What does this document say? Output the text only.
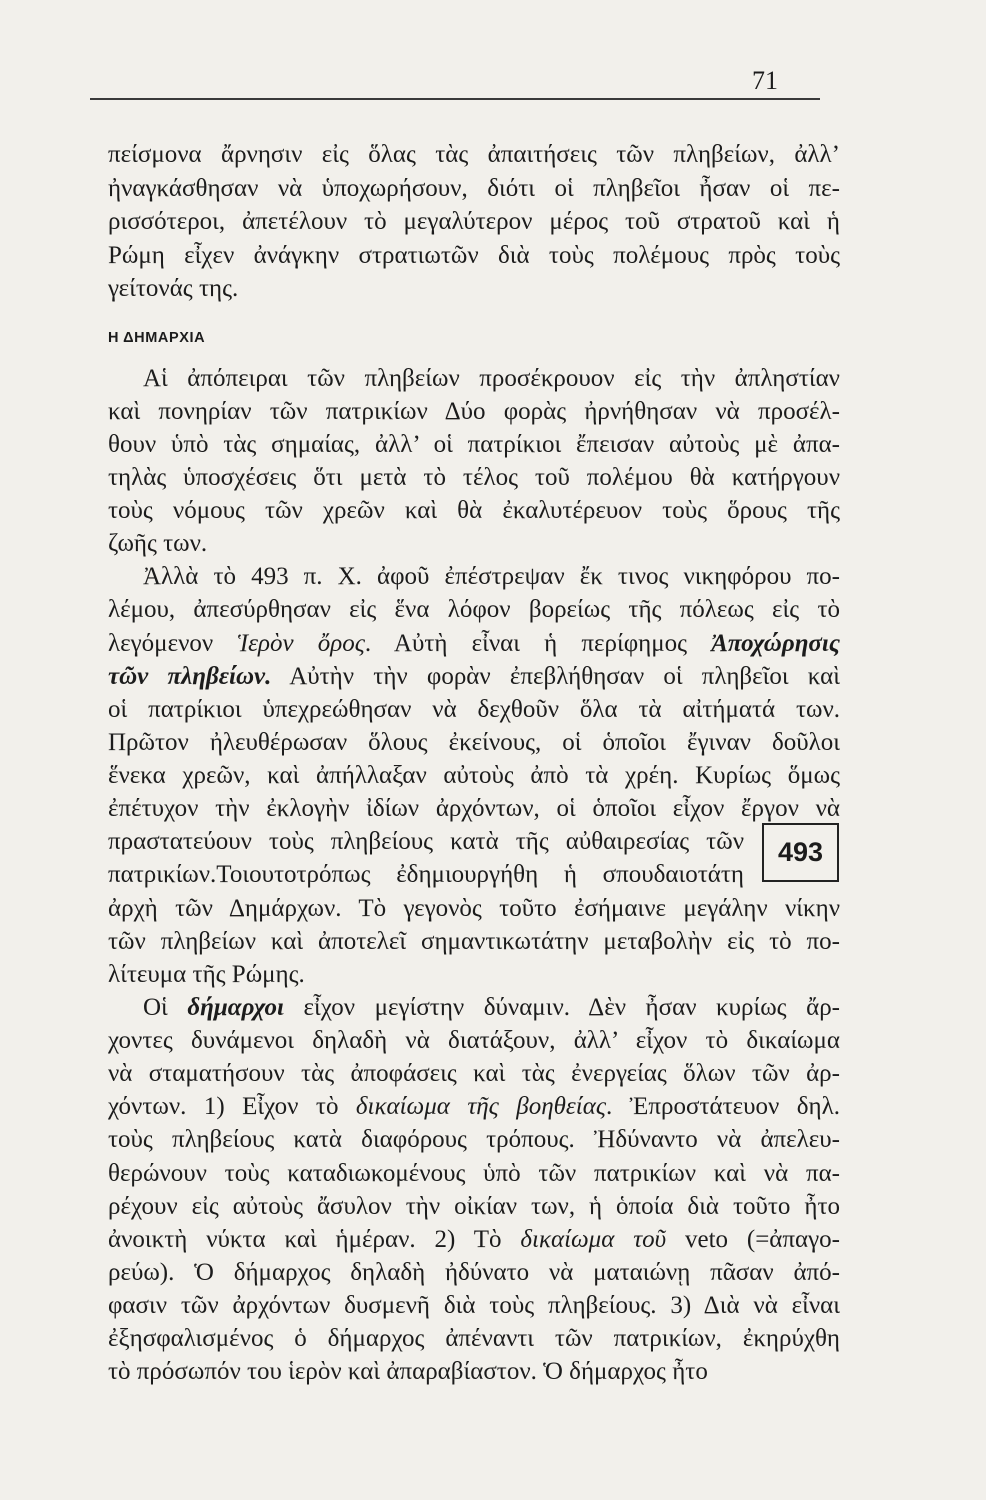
71
πείσμονα ἄρνησιν εἰς ὅλας τὰς ἀπαιτήσεις τῶν πληβείων, ἀλλ’
ἠναγκάσθησαν νὰ ὑποχωρήσουν, διότι οἱ πληβεῖοι ἦσαν οἱ πε-
ρισσότεροι, ἀπετέλουν τὸ μεγαλύτερον μέρος τοῦ στρατοῦ καὶ ἡ
Ρώμη εἶχεν ἀνάγκην στρατιωτῶν διὰ τοὺς πολέμους πρὸς τοὺς
γείτονάς της.
Η ΔΗΜΑΡΧΙΑ
Αἱ ἀπόπειραι τῶν πληβείων προσέκρουον εἰς τὴν ἀπληστίαν
καὶ πονηρίαν τῶν πατρικίων Δύο φορὰς ἠρνήθησαν νὰ προσέλ-
θουν ὑπὸ τὰς σημαίας, ἀλλ’ οἱ πατρίκιοι ἔπεισαν αὐτοὺς μὲ ἀπα-
τηλὰς ὑποσχέσεις ὅτι μετὰ τὸ τέλος τοῦ πολέμου θὰ κατήργουν
τοὺς νόμους τῶν χρεῶν καὶ θὰ ἐκαλυτέρευον τοὺς ὅρους τῆς
ζωῆς των.
Ἀλλὰ τὸ 493 π. Χ. ἀφοῦ ἐπέστρεψαν ἔκ τινος νικηφόρου πο-
λέμου, ἀπεσύρθησαν εἰς ἕνα λόφον βορείως τῆς πόλεως εἰς τὸ
λεγόμενον Ἱερὸν ὄρος. Αὐτὴ εἶναι ἡ περίφημος Ἀποχώρησις
τῶν πληβείων. Αὐτὴν τὴν φορὰν ἐπεβλήθησαν οἱ πληβεῖοι καὶ
οἱ πατρίκιοι ὑπεχρεώθησαν νὰ δεχθοῦν ὅλα τὰ αἰτήματά των.
Πρῶτον ἠλευθέρωσαν ὅλους ἐκείνους, οἱ ὁποῖοι ἔγιναν δοῦλοι
ἕνεκα χρεῶν, καὶ ἀπήλλαξαν αὐτοὺς ἀπὸ τὰ χρέη. Κυρίως ὅμως
ἐπέτυχον τὴν ἐκλογὴν ἰδίων ἀρχόντων, οἱ ὁποῖοι εἶχον ἔργον νὰ
πραστατεύουν τοὺς πληβείους κατὰ τῆς αὐθαιρεσίας τῶν
πατρικίων.Τοιουτοτρόπως ἐδημιουργήθη ἡ σπουδαιοτάτη
ἀρχὴ τῶν Δημάρχων. Τὸ γεγονὸς τοῦτο ἐσήμαινε μεγάλην νίκην
τῶν πληβείων καὶ ἀποτελεῖ σημαντικωτάτην μεταβολὴν εἰς τὸ πο-
λίτευμα τῆς Ρώμης.
Οἱ δήμαρχοι εἶχον μεγίστην δύναμιν. Δὲν ἦσαν κυρίως ἄρ-
χοντες δυνάμενοι δηλαδὴ νὰ διατάξουν, ἀλλ’ εἶχον τὸ δικαίωμα
νὰ σταματήσουν τὰς ἀποφάσεις καὶ τὰς ἐνεργείας ὅλων τῶν ἀρ-
χόντων. 1) Εἶχον τὸ δικαίωμα τῆς βοηθείας. Ἐπροστάτευον δηλ.
τοὺς πληβείους κατὰ διαφόρους τρόπους. Ἠδύναντο νὰ ἀπελευ-
θερώνουν τοὺς καταδιωκομένους ὑπὸ τῶν πατρικίων καὶ νὰ πα-
ρέχουν εἰς αὐτοὺς ἄσυλον τὴν οἰκίαν των, ἡ ὁποία διὰ τοῦτο ἦτο
ἀνοικτὴ νύκτα καὶ ἡμέραν. 2) Τὸ δικαίωμα τοῦ veto (=ἀπαγο-
ρεύω). Ὁ δήμαρχος δηλαδὴ ἠδύνατο νὰ ματαιώνῃ πᾶσαν ἀπό-
φασιν τῶν ἀρχόντων δυσμενῆ διὰ τοὺς πληβείους. 3) Διὰ νὰ εἶναι
ἐξησφαλισμένος ὁ δήμαρχος ἀπέναντι τῶν πατρικίων, ἐκηρύχθη
τὸ πρόσωπόν του ἱερὸν καὶ ἀπαραβίαστον. Ὁ δήμαρχος ἦτο
493
